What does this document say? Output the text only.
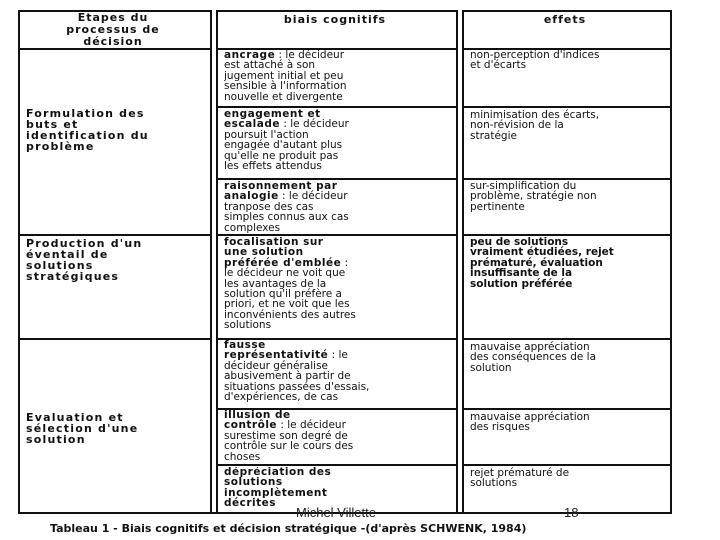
Etapes du
processus de
décision
Formulation des
buts et
identification du
problème
Production d'un
éventail de
solutions
stratégiques
Evaluation et
sélection d'une
solution
biais cognitifs
ancrage : le décideur
est attaché à son
jugement initial et peu
sensible à l'information
nouvelle et divergente
engagement et
escalade : le décideur
poursuit l'action
engagée d'autant plus
qu'elle ne produit pas
les effets attendus
raisonnement par
analogie : le décideur
tranpose des cas
simples connus aux cas
complexes
focalisation sur
une solution
préférée d'emblée :
le décideur ne voit que
les avantages de la
solution qu'il préfère a
priori, et ne voit que les
inconvénients des autres
solutions
fausse
représentativité : le
décideur généralise
abusivement à partir de
situations passées d'essais,
d'expériences, de cas
illusion de
contrôle : le décideur
surestime son degré de
contrôle sur le cours des
choses
dépréciation des
solutions
incomplètement
décrites
effets
non-perception d'indices
et d'écarts
minimisation des écarts,
non-révision de la
stratégie
sur-simplification du
problème, stratégie non
pertinente
peu de solutions
vraiment étudiées, rejet
prématuré, évaluation
insuffisante de la
solution préférée
mauvaise appréciation
des conséquences de la
solution
mauvaise appréciation
des risques
rejet prématuré de
solutions
Michel Villette	18
Tableau 1 - Biais cognitifs et décision stratégique -(d'après SCHWENK, 1984)
